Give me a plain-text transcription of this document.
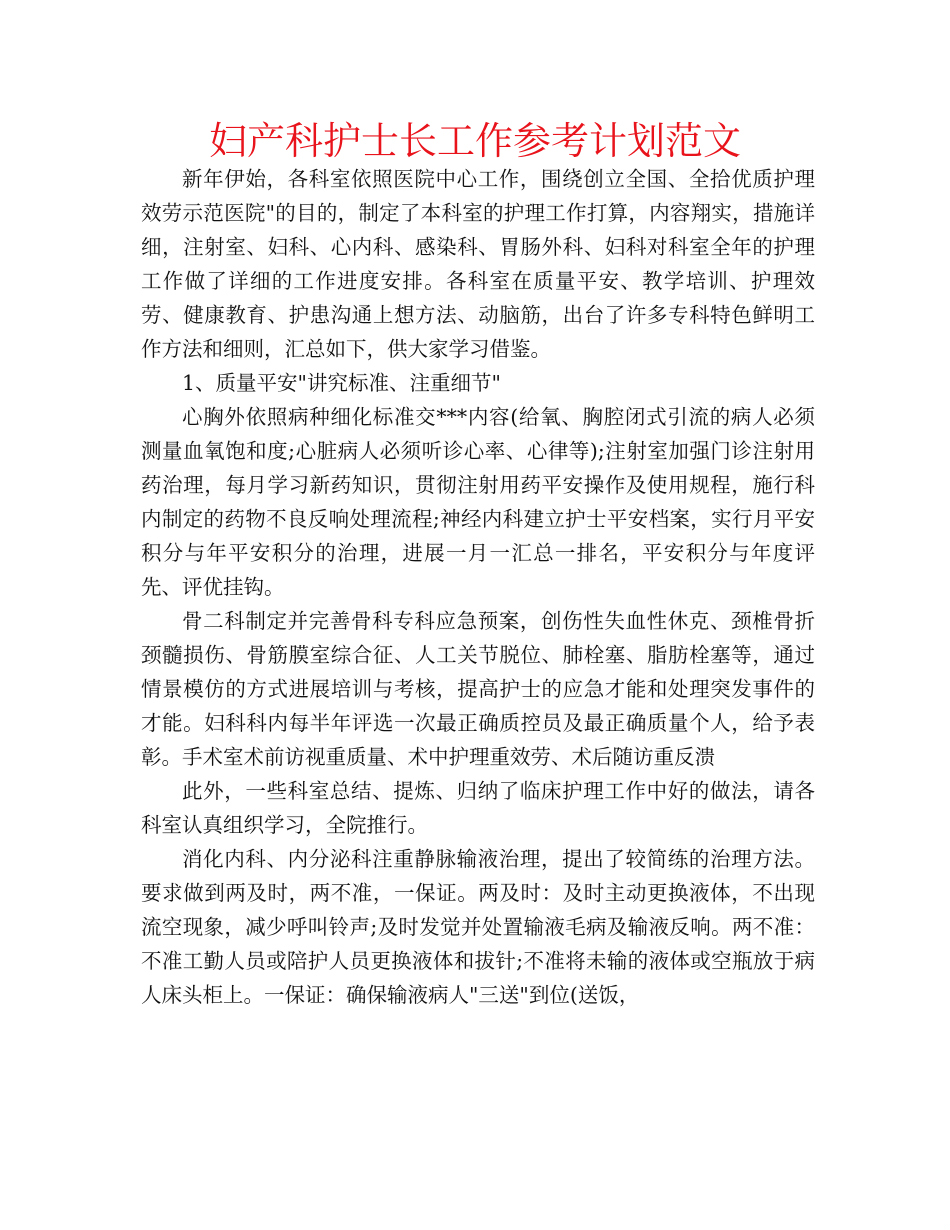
妇产科护士长工作参考计划范文

新年伊始，各科室依照医院中心工作，围绕创立全国、全拾优质护理效劳示范医院"的目的，制定了本科室的护理工作打算，内容翔实，措施详细，注射室、妇科、心内科、感染科、胃肠外科、妇科对科室全年的护理工作做了详细的工作进度安排。各科室在质量平安、教学培训、护理效劳、健康教育、护患沟通上想方法、动脑筋，出台了许多专科特色鲜明工作方法和细则，汇总如下，供大家学习借鉴。

1、质量平安"讲究标准、注重细节"

心胸外依照病种细化标准交***内容(给氧、胸腔闭式引流的病人必须测量血氧饱和度;心脏病人必须听诊心率、心律等);注射室加强门诊注射用药治理，每月学习新药知识，贯彻注射用药平安操作及使用规程，施行科内制定的药物不良反响处理流程;神经内科建立护士平安档案，实行月平安积分与年平安积分的治理，进展一月一汇总一排名，平安积分与年度评先、评优挂钩。

骨二科制定并完善骨科专科应急预案，创伤性失血性休克、颈椎骨折颈髓损伤、骨筋膜室综合征、人工关节脱位、肺栓塞、脂肪栓塞等，通过情景模仿的方式进展培训与考核，提高护士的应急才能和处理突发事件的才能。妇科科内每半年评选一次最正确质控员及最正确质量个人，给予表彰。手术室术前访视重质量、术中护理重效劳、术后随访重反溃

此外，一些科室总结、提炼、归纳了临床护理工作中好的做法，请各科室认真组织学习，全院推行。

消化内科、内分泌科注重静脉输液治理，提出了较简练的治理方法。要求做到两及时，两不准，一保证。两及时：及时主动更换液体，不出现流空现象，减少呼叫铃声;及时发觉并处置输液毛病及输液反响。两不准：不准工勤人员或陪护人员更换液体和拔针;不准将未输的液体或空瓶放于病人床头柜上。一保证：确保输液病人"三送"到位(送饭，
